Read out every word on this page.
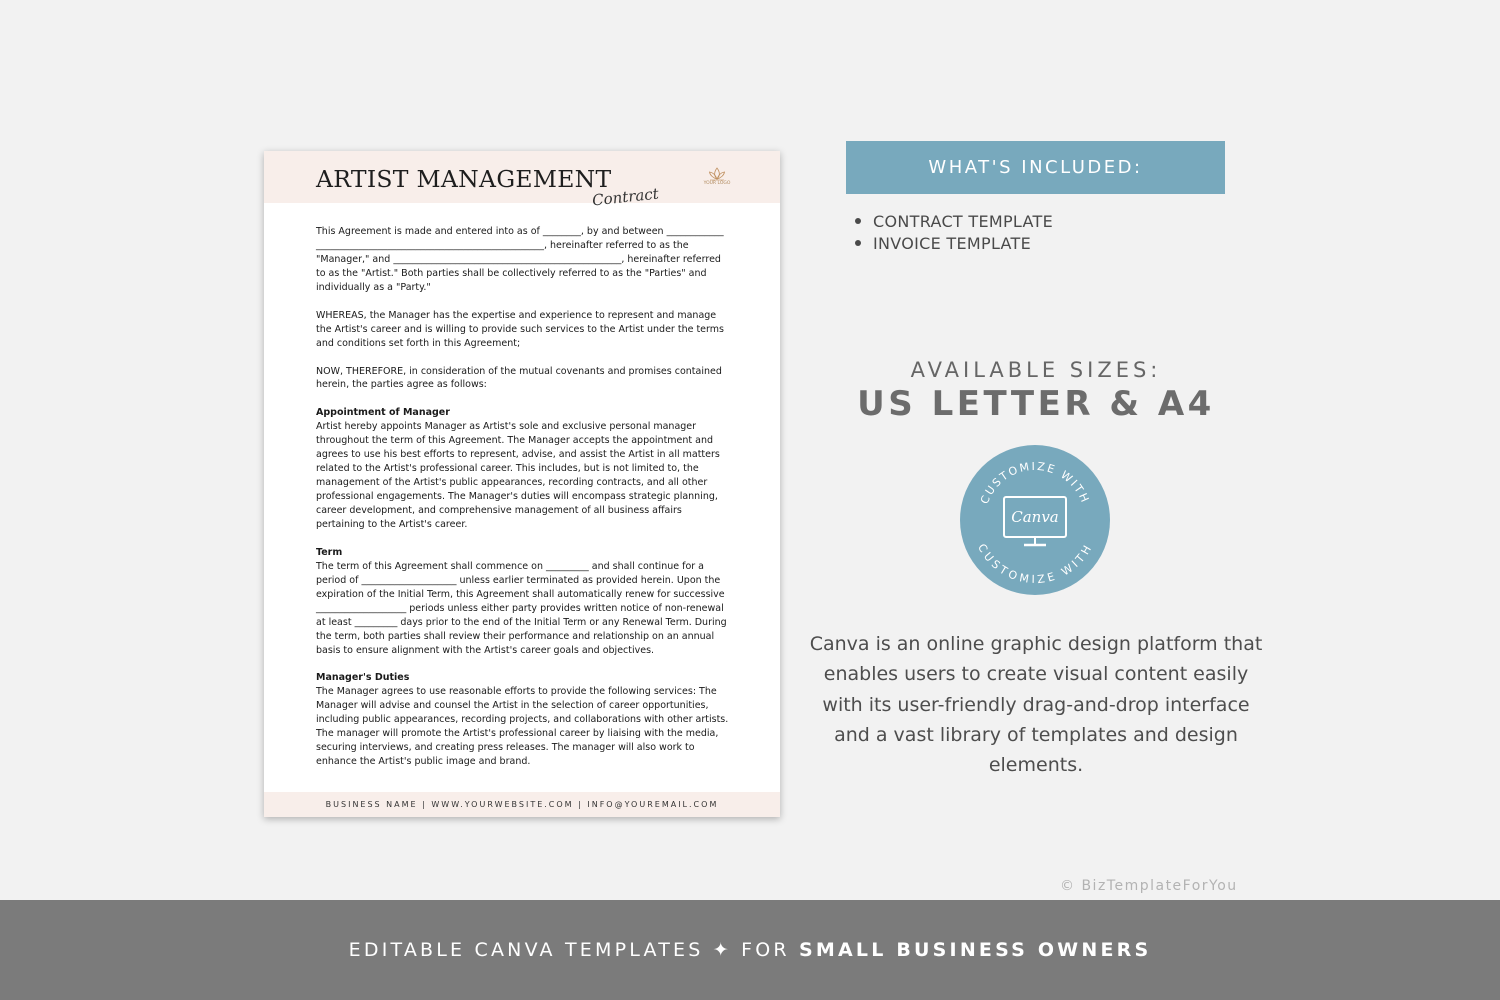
ARTIST MANAGEMENT
Contract
YOUR LOGO

This Agreement is made and entered into as of ________, by and between ____________ ________________________________________________, hereinafter referred to as the "Manager," and ________________________________________________, hereinafter referred to as the "Artist." Both parties shall be collectively referred to as the "Parties" and individually as a "Party."

WHEREAS, the Manager has the expertise and experience to represent and manage the Artist's career and is willing to provide such services to the Artist under the terms and conditions set forth in this Agreement;

NOW, THEREFORE, in consideration of the mutual covenants and promises contained herein, the parties agree as follows:

Appointment of Manager

Artist hereby appoints Manager as Artist's sole and exclusive personal manager throughout the term of this Agreement. The Manager accepts the appointment and agrees to use his best efforts to represent, advise, and assist the Artist in all matters related to the Artist's professional career. This includes, but is not limited to, the management of the Artist's public appearances, recording contracts, and all other professional engagements. The Manager's duties will encompass strategic planning, career development, and comprehensive management of all business affairs pertaining to the Artist's career.

Term

The term of this Agreement shall commence on _________ and shall continue for a period of ____________________ unless earlier terminated as provided herein. Upon the expiration of the Initial Term, this Agreement shall automatically renew for successive ___________________ periods unless either party provides written notice of non-renewal at least _________ days prior to the end of the Initial Term or any Renewal Term. During the term, both parties shall review their performance and relationship on an annual basis to ensure alignment with the Artist's career goals and objectives.

Manager's Duties

The Manager agrees to use reasonable efforts to provide the following services: The Manager will advise and counsel the Artist in the selection of career opportunities, including public appearances, recording projects, and collaborations with other artists. The manager will promote the Artist's professional career by liaising with the media, securing interviews, and creating press releases. The manager will also work to enhance the Artist's public image and brand.

BUSINESS NAME | WWW.YOURWEBSITE.COM | INFO@YOUREMAIL.COM
WHAT'S INCLUDED:
CONTRACT TEMPLATE
INVOICE TEMPLATE
AVAILABLE SIZES:
US LETTER & A4
CUSTOMIZE WITH
CUSTOMIZE WITH
Canva
Canva is an online graphic design platform that enables users to create visual content easily with its user-friendly drag-and-drop interface and a vast library of templates and design elements.
© BizTemplateForYou
EDITABLE CANVA TEMPLATES ✦ FOR SMALL BUSINESS OWNERS
